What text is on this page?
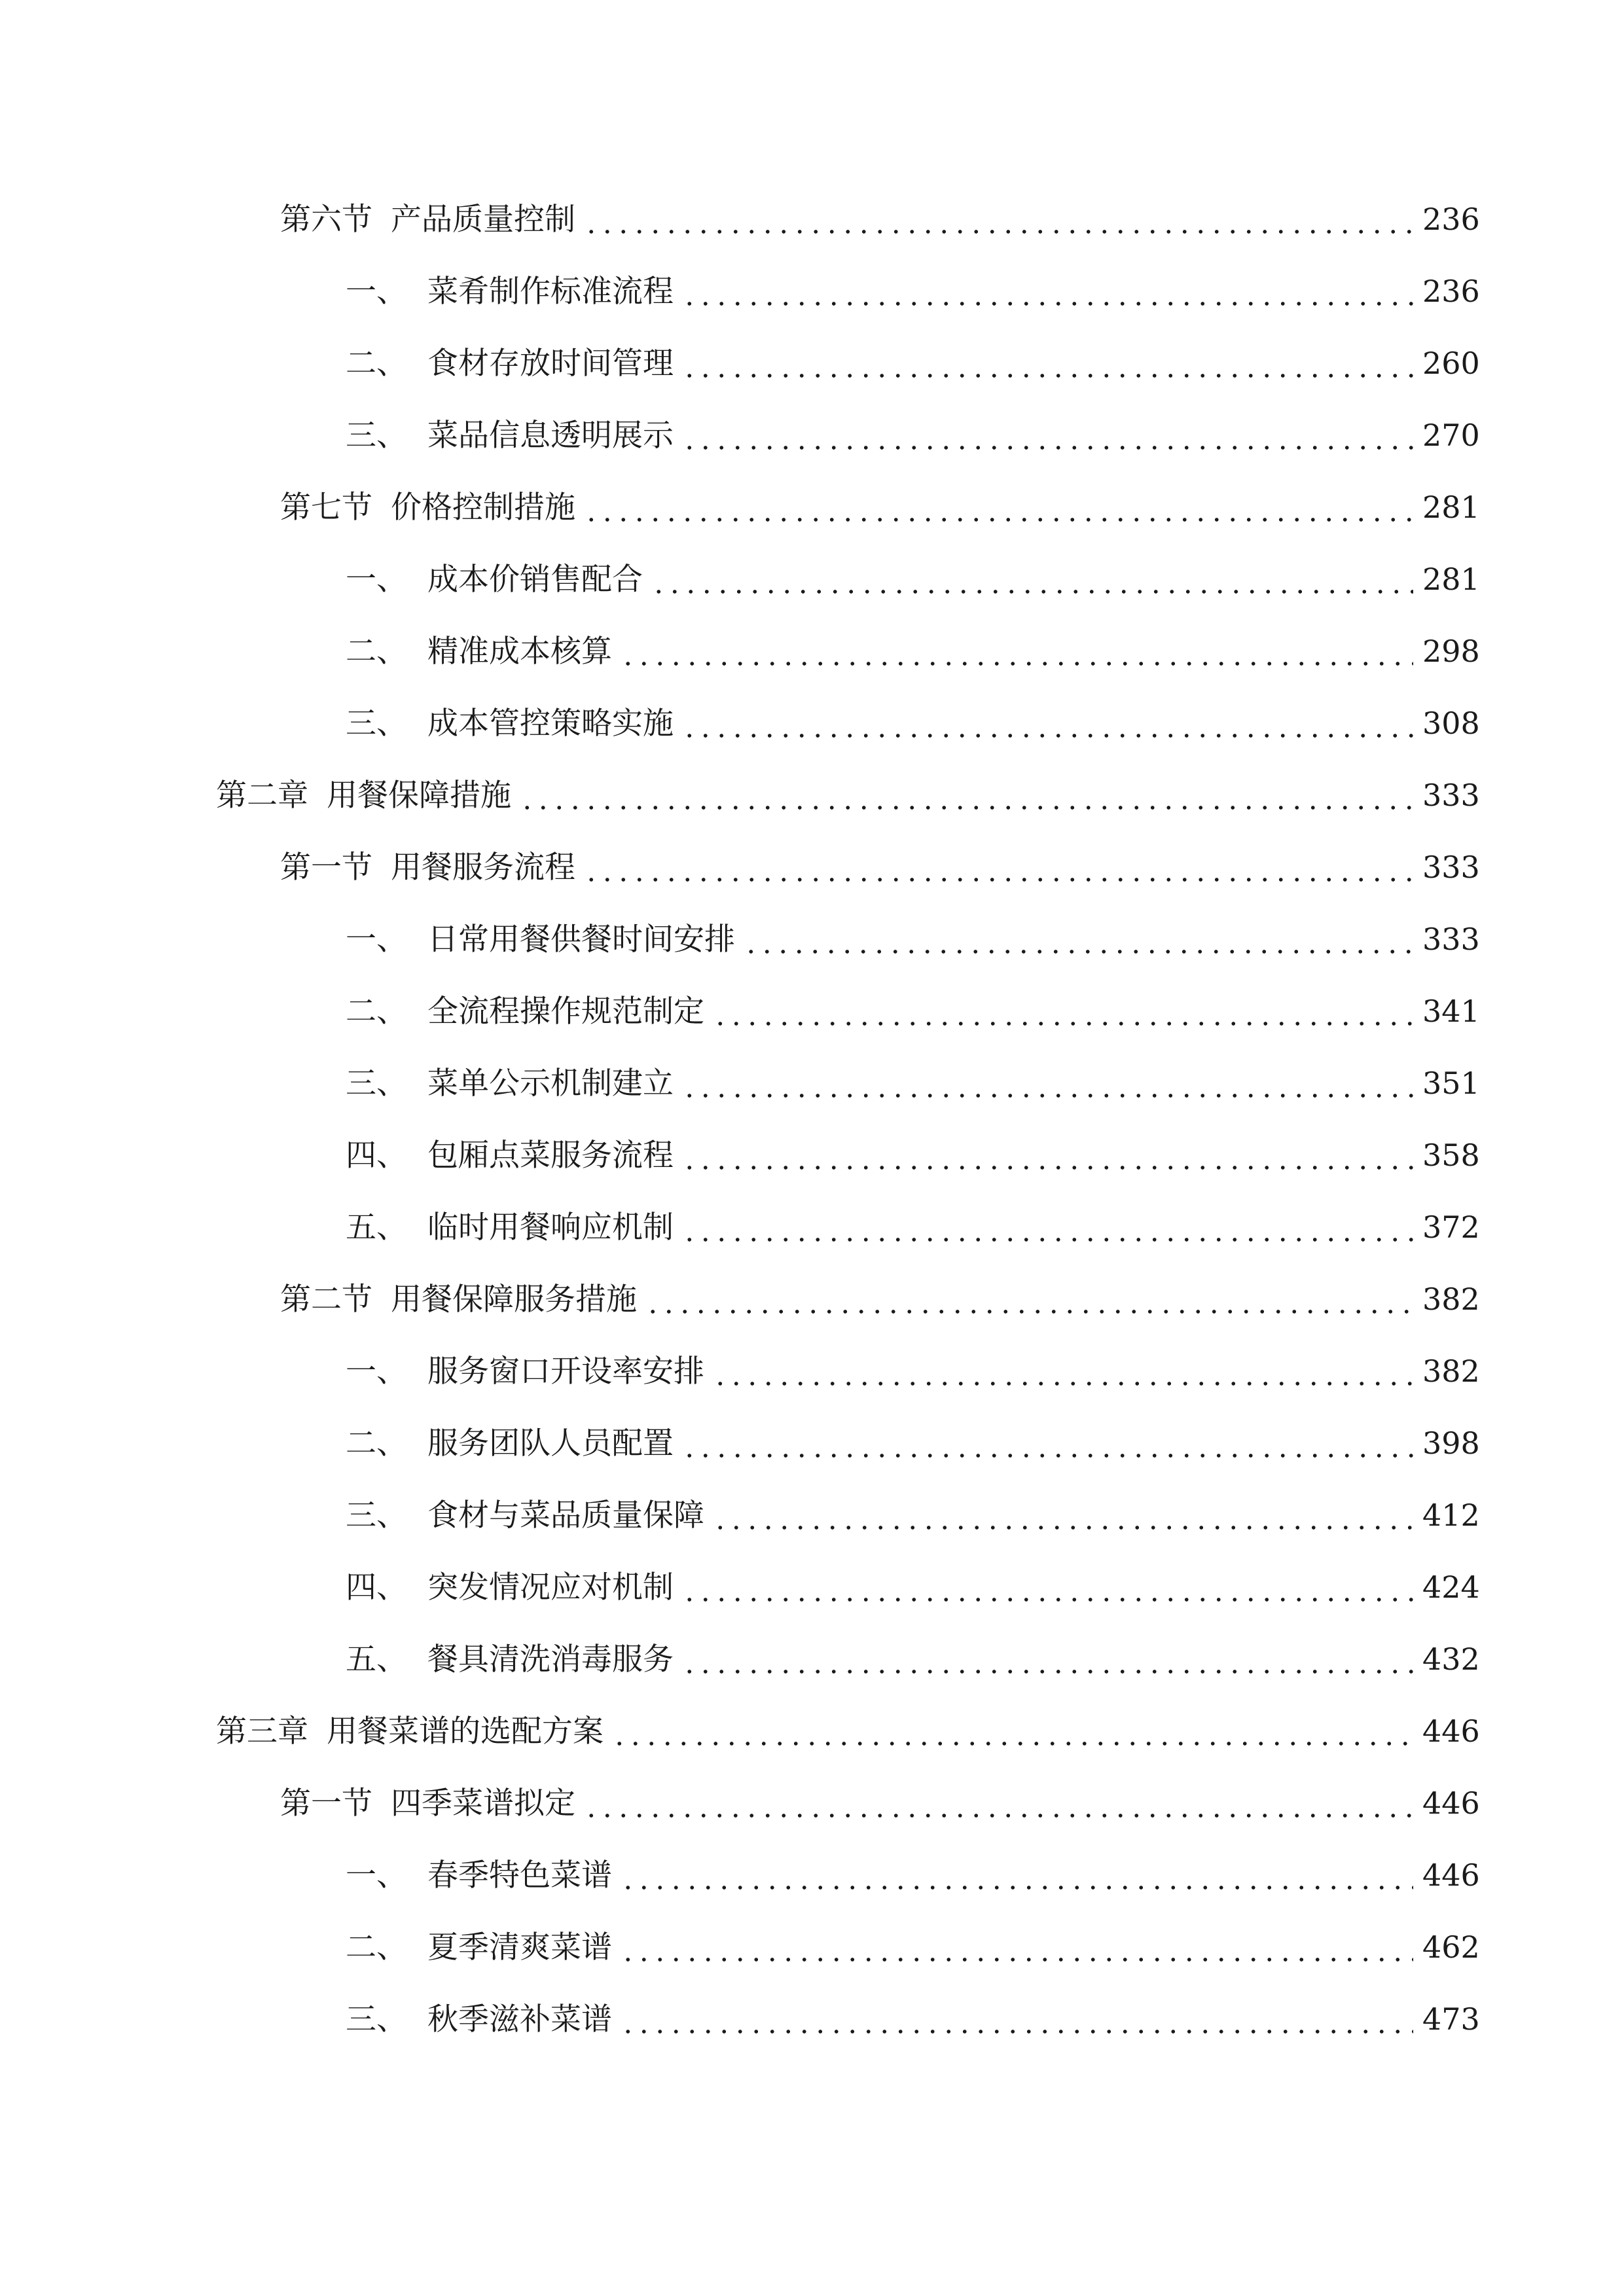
第六节 产品质量控制	236
一、 菜肴制作标准流程	236
二、 食材存放时间管理	260
三、 菜品信息透明展示	270
第七节 价格控制措施	281
一、 成本价销售配合	281
二、 精准成本核算	298
三、 成本管控策略实施	308
第二章 用餐保障措施	333
第一节 用餐服务流程	333
一、 日常用餐供餐时间安排	333
二、 全流程操作规范制定	341
三、 菜单公示机制建立	351
四、 包厢点菜服务流程	358
五、 临时用餐响应机制	372
第二节 用餐保障服务措施	382
一、 服务窗口开设率安排	382
二、 服务团队人员配置	398
三、 食材与菜品质量保障	412
四、 突发情况应对机制	424
五、 餐具清洗消毒服务	432
第三章 用餐菜谱的选配方案	446
第一节 四季菜谱拟定	446
一、 春季特色菜谱	446
二、 夏季清爽菜谱	462
三、 秋季滋补菜谱	473
